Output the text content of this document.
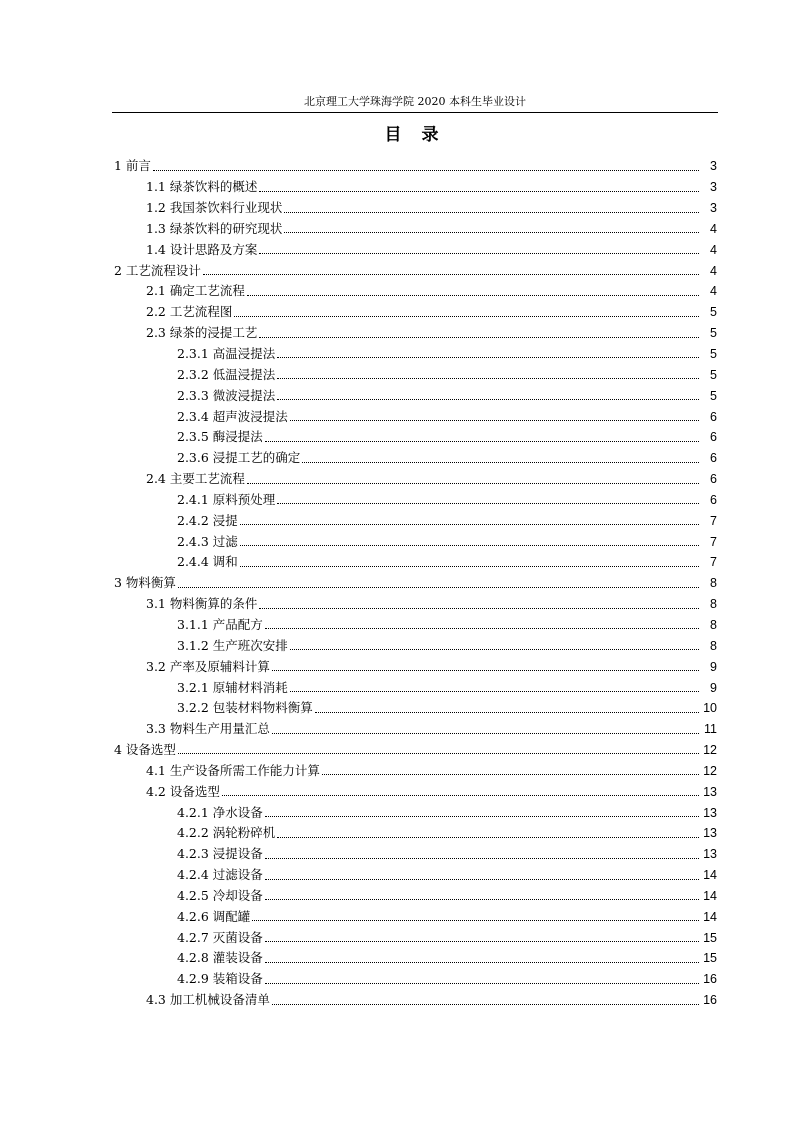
北京理工大学珠海学院 2020 本科生毕业设计
目 录
1 前言	3
1.1 绿茶饮料的概述	3
1.2 我国茶饮料行业现状	3
1.3 绿茶饮料的研究现状	4
1.4 设计思路及方案	4
2 工艺流程设计	4
2.1 确定工艺流程	4
2.2 工艺流程图	5
2.3 绿茶的浸提工艺	5
2.3.1 高温浸提法	5
2.3.2 低温浸提法	5
2.3.3 微波浸提法	5
2.3.4 超声波浸提法	6
2.3.5 酶浸提法	6
2.3.6 浸提工艺的确定	6
2.4 主要工艺流程	6
2.4.1 原料预处理	6
2.4.2 浸提	7
2.4.3 过滤	7
2.4.4 调和	7
3 物料衡算	8
3.1 物料衡算的条件	8
3.1.1 产品配方	8
3.1.2 生产班次安排	8
3.2 产率及原辅料计算	9
3.2.1 原辅材料消耗	9
3.2.2 包装材料物料衡算	10
3.3 物料生产用量汇总	11
4 设备选型	12
4.1 生产设备所需工作能力计算	12
4.2 设备选型	13
4.2.1 净水设备	13
4.2.2 涡轮粉碎机	13
4.2.3 浸提设备	13
4.2.4 过滤设备	14
4.2.5 冷却设备	14
4.2.6 调配罐	14
4.2.7 灭菌设备	15
4.2.8 灌装设备	15
4.2.9 装箱设备	16
4.3 加工机械设备清单	16
